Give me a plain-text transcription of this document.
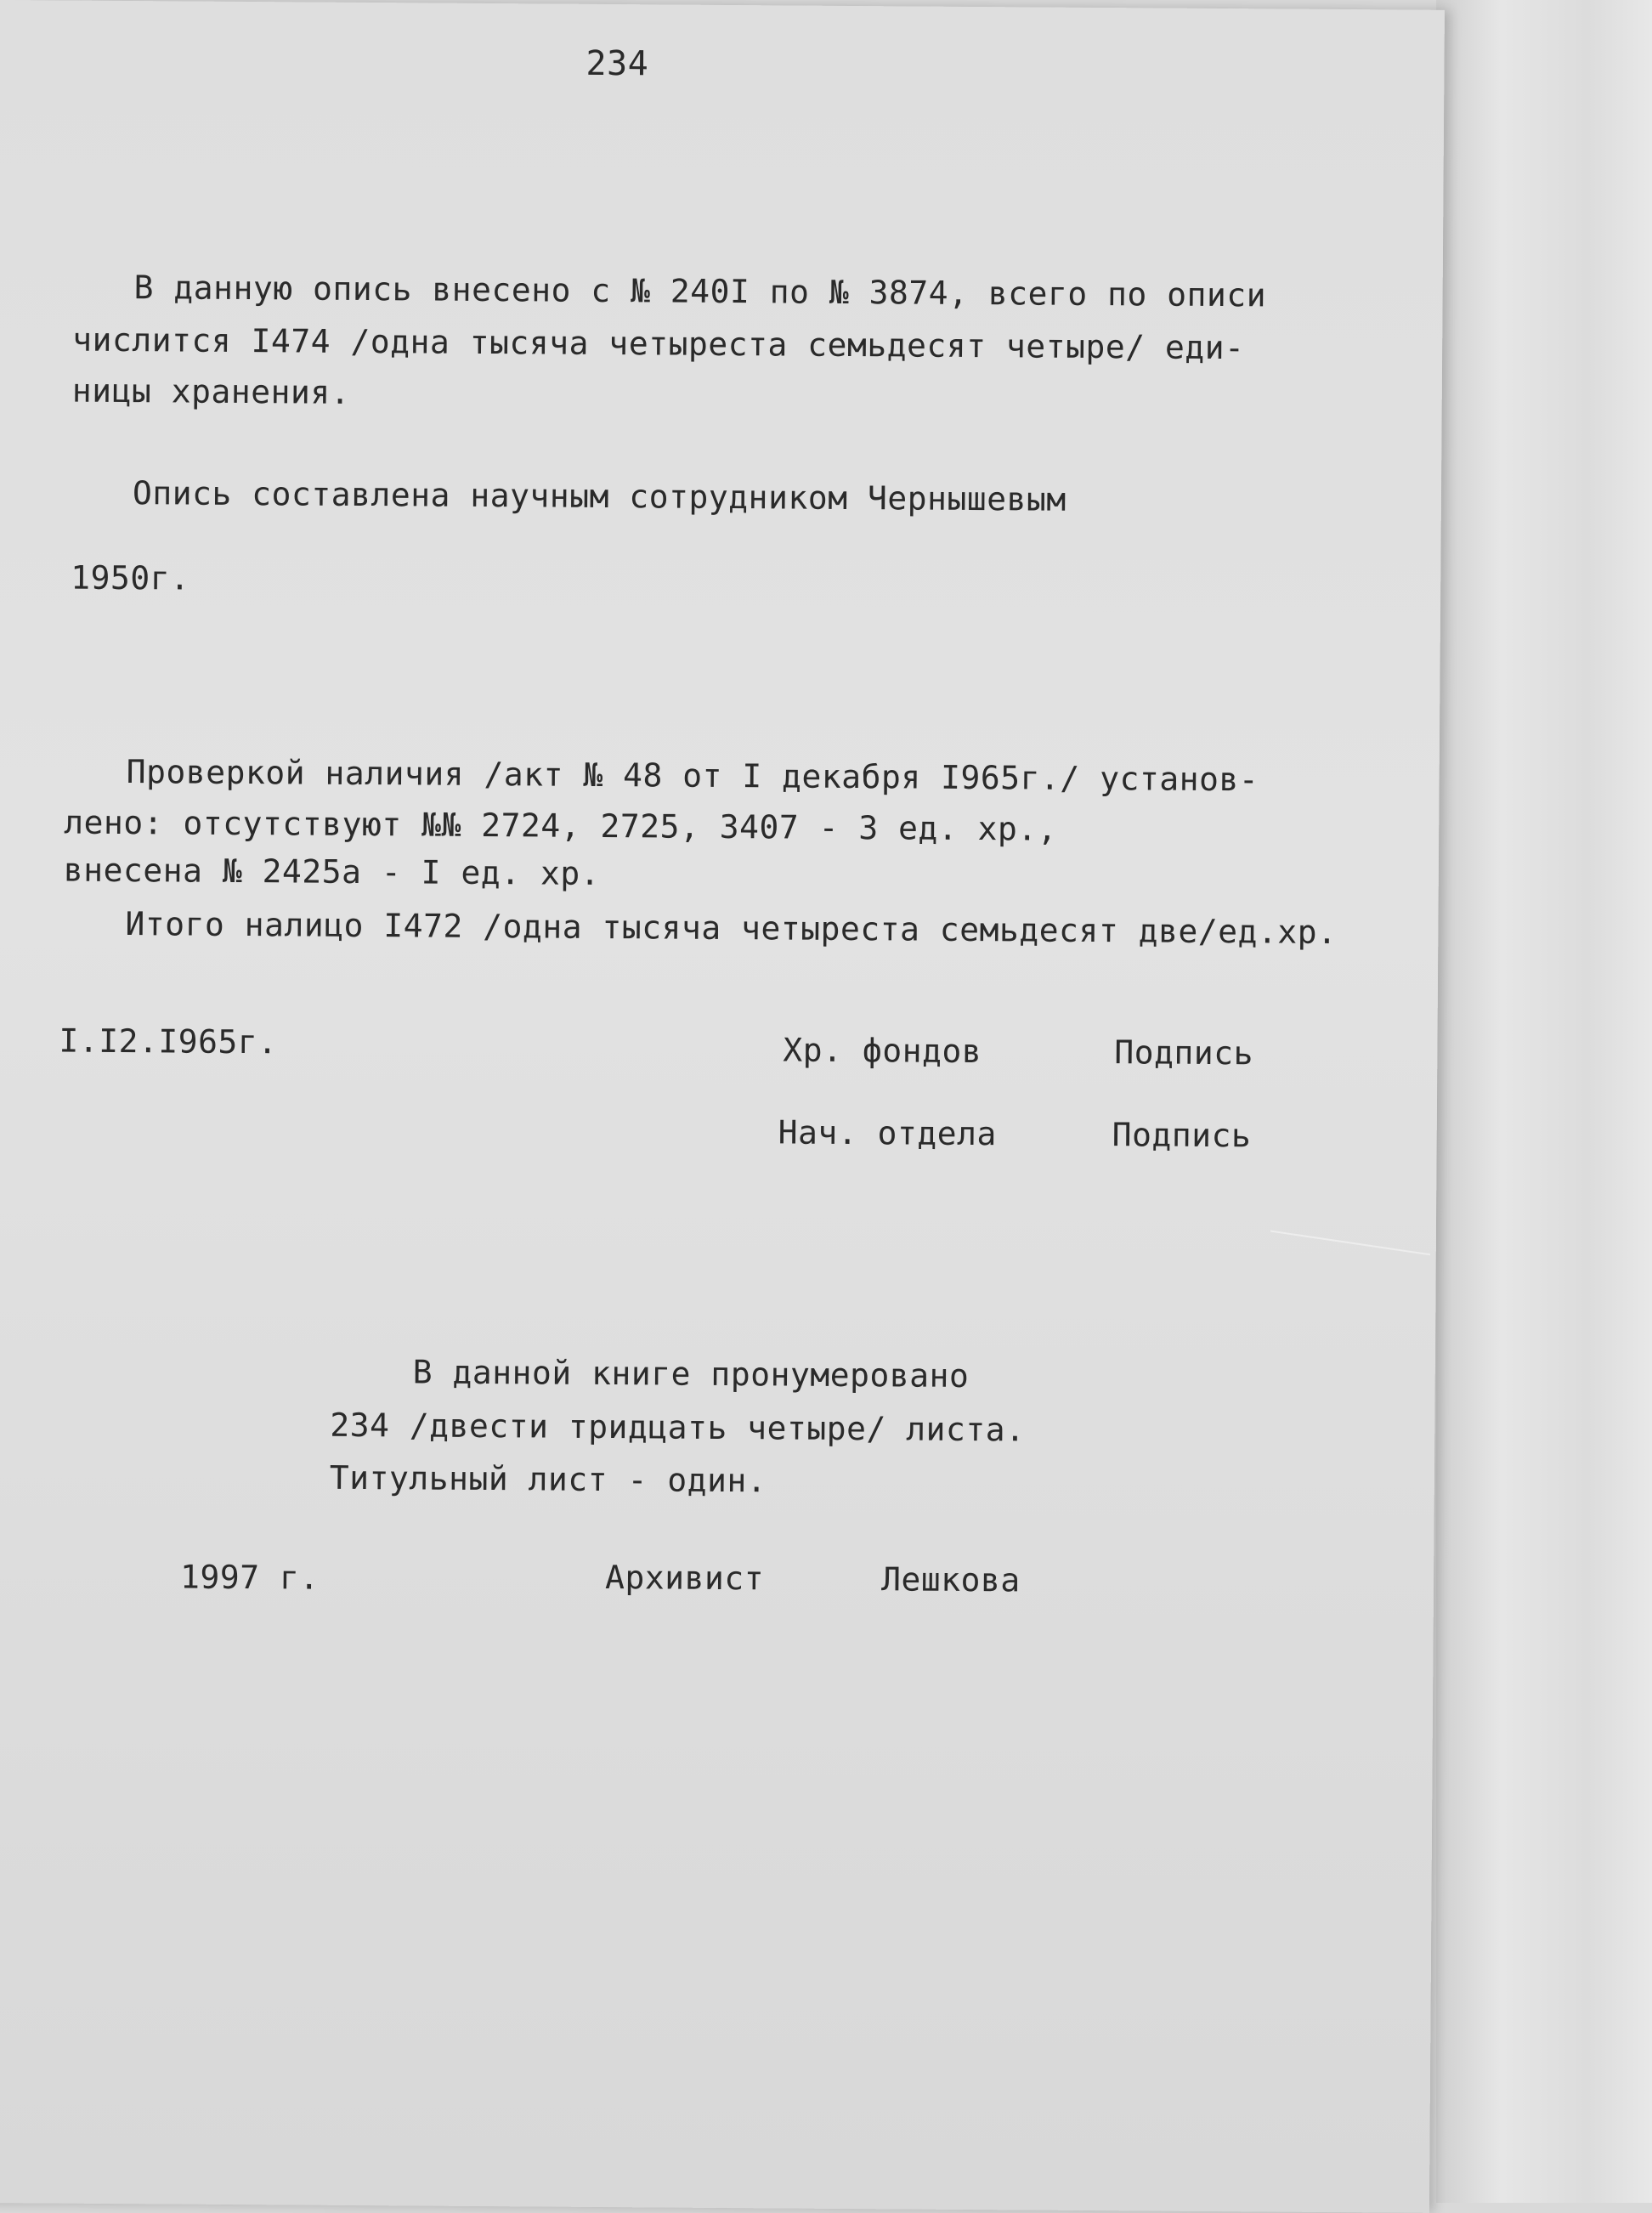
234
В данную опись внесено с № 240I по № 3874, всего по описи
числится I474 /одна тысяча четыреста семьдесят четыре/ еди-
ницы хранения.
Опись составлена научным сотрудником Чернышевым
1950г.
Проверкой наличия /акт № 48 от I декабря I965г./ установ-
лено: отсутствуют №№ 2724, 2725, 3407 - 3 ед. хр.,
внесена № 2425а - I ед. хр.
Итого налицо I472 /одна тысяча четыреста семьдесят две/ед.хр.
I.I2.I965г.	Хр. фондов	Подпись
Нач. отдела	Подпись
В данной книге пронумеровано
234 /двести тридцать четыре/ листа.
Титульный лист - один.
1997 г.	Архивист	Лешкова
